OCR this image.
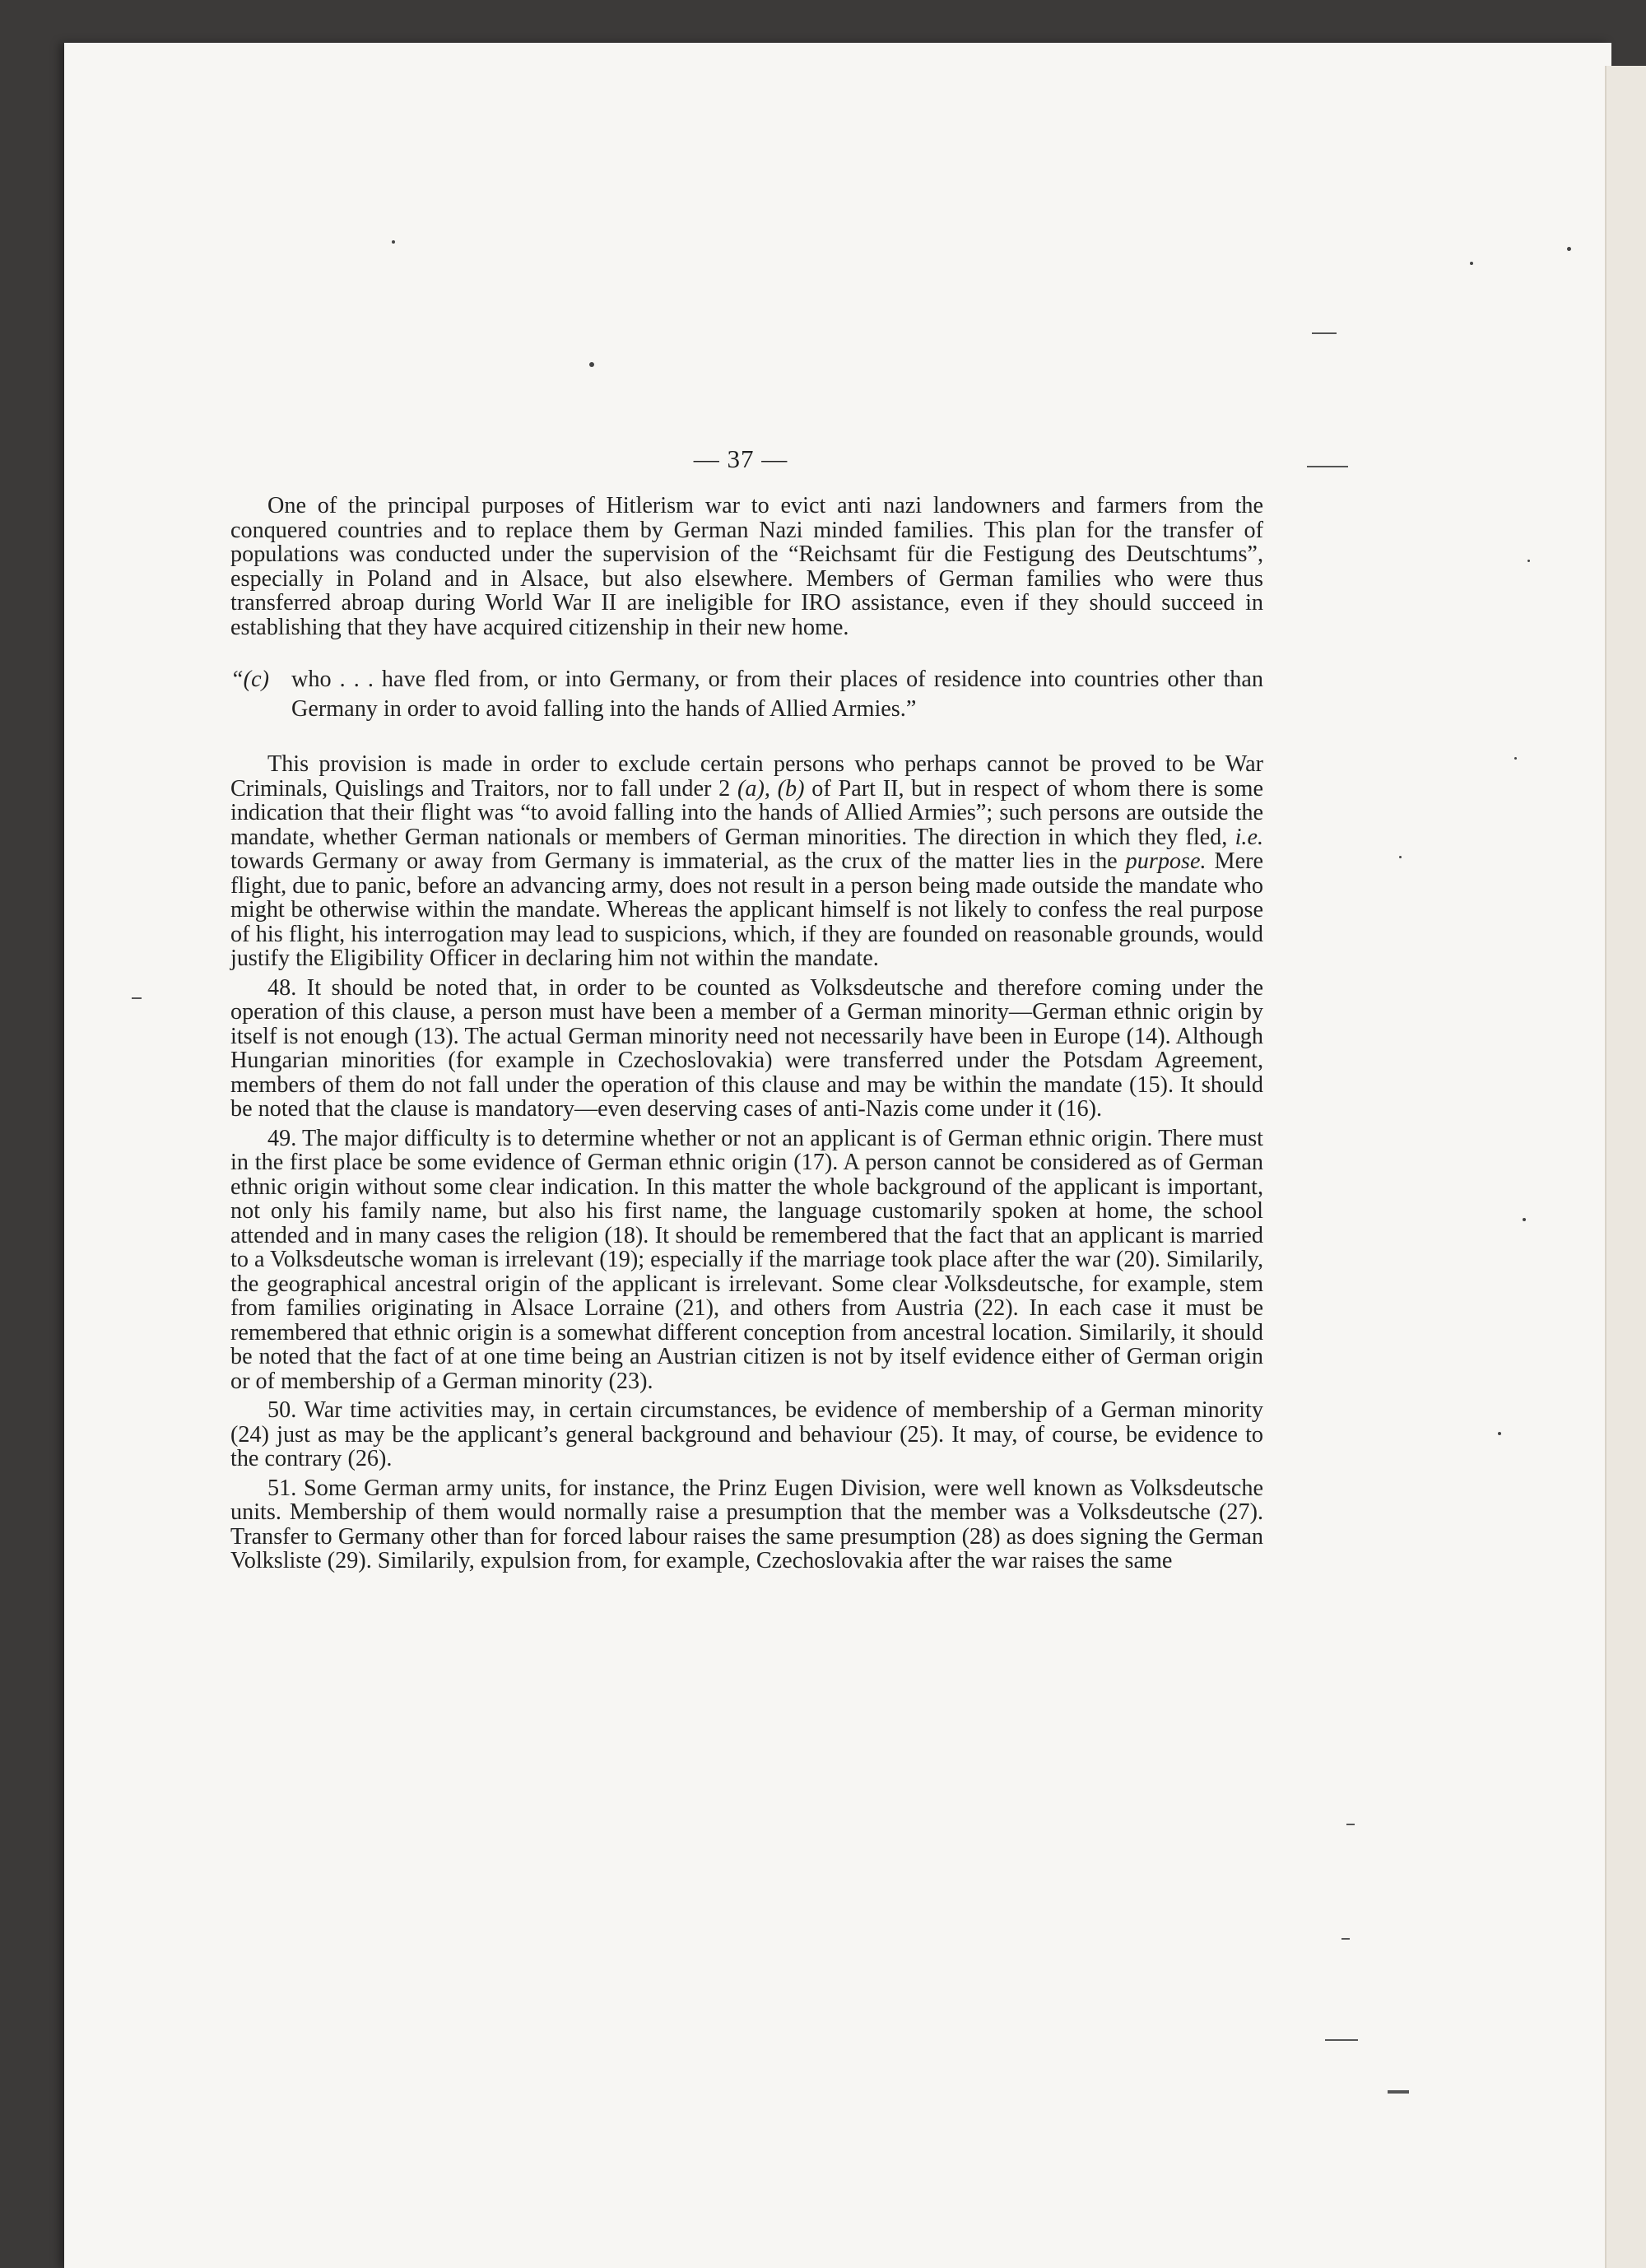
— 37 —

One of the principal purposes of Hitlerism war to evict anti nazi landowners and farmers from the conquered countries and to replace them by German Nazi minded families. This plan for the transfer of populations was conducted under the supervision of the “Reichsamt für die Festigung des Deutschtums”, especially in Poland and in Alsace, but also elsewhere. Members of German families who were thus transferred abroap during World War II are ineligible for IRO assistance, even if they should succeed in establishing that they have acquired citizenship in their new home.

“(c) who . . . have fled from, or into Germany, or from their places of residence into countries other than Germany in order to avoid falling into the hands of Allied Armies.”

This provision is made in order to exclude certain persons who perhaps cannot be proved to be War Criminals, Quislings and Traitors, nor to fall under 2 (a), (b) of Part II, but in respect of whom there is some indication that their flight was “to avoid falling into the hands of Allied Armies”; such persons are outside the mandate, whether German nationals or members of German minorities. The direction in which they fled, i.e. towards Germany or away from Germany is immaterial, as the crux of the matter lies in the purpose. Mere flight, due to panic, before an advancing army, does not result in a person being made outside the mandate who might be otherwise within the mandate. Whereas the applicant himself is not likely to confess the real purpose of his flight, his interrogation may lead to suspicions, which, if they are founded on reasonable grounds, would justify the Eligibility Officer in declaring him not within the mandate.

48. It should be noted that, in order to be counted as Volksdeutsche and therefore coming under the operation of this clause, a person must have been a member of a German minority—German ethnic origin by itself is not enough (13). The actual German minority need not necessarily have been in Europe (14). Although Hungarian minorities (for example in Czechoslovakia) were transferred under the Potsdam Agreement, members of them do not fall under the operation of this clause and may be within the mandate (15). It should be noted that the clause is mandatory—even deserving cases of anti-Nazis come under it (16).

49. The major difficulty is to determine whether or not an applicant is of German ethnic origin. There must in the first place be some evidence of German ethnic origin (17). A person cannot be considered as of German ethnic origin without some clear indication. In this matter the whole background of the applicant is important, not only his family name, but also his first name, the language customarily spoken at home, the school attended and in many cases the religion (18). It should be remembered that the fact that an applicant is married to a Volksdeutsche woman is irrelevant (19); especially if the marriage took place after the war (20). Similarily, the geographical ancestral origin of the applicant is irrelevant. Some clear Volksdeutsche, for example, stem from families originating in Alsace Lorraine (21), and others from Austria (22). In each case it must be remembered that ethnic origin is a somewhat different conception from ancestral location. Similarily, it should be noted that the fact of at one time being an Austrian citizen is not by itself evidence either of German origin or of membership of a German minority (23).

50. War time activities may, in certain circumstances, be evidence of membership of a German minority (24) just as may be the applicant’s general background and behaviour (25). It may, of course, be evidence to the contrary (26).

51. Some German army units, for instance, the Prinz Eugen Division, were well known as Volksdeutsche units. Membership of them would normally raise a presumption that the member was a Volksdeutsche (27). Transfer to Germany other than for forced labour raises the same presumption (28) as does signing the German Volksliste (29). Similarily, expulsion from, for example, Czechoslovakia after the war raises the same
